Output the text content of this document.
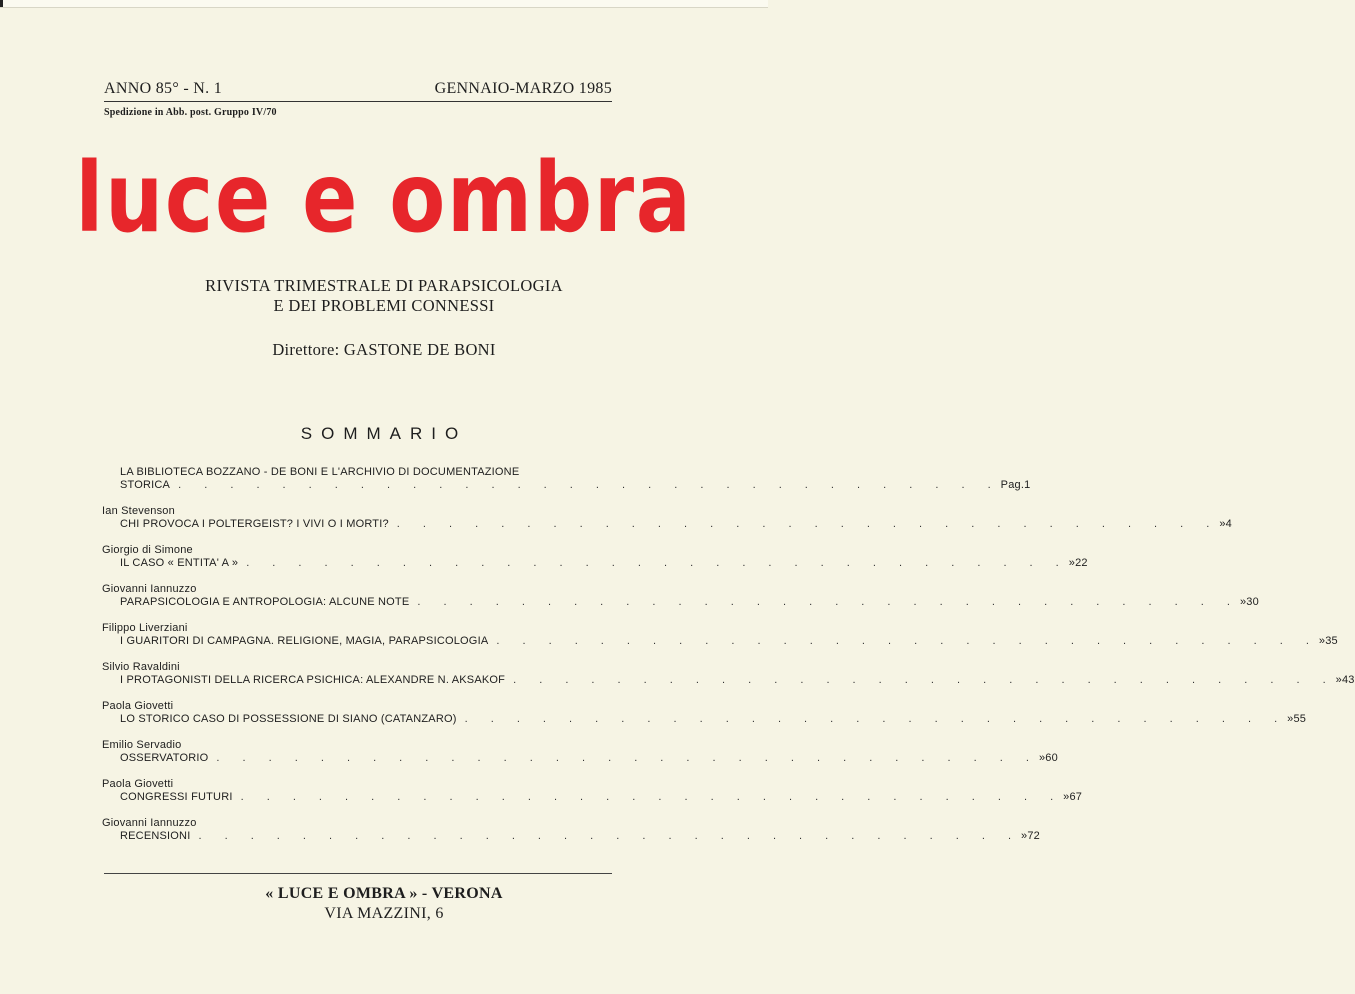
ANNO 85° - N. 1	GENNAIO-MARZO 1985
Spedizione in Abb. post. Gruppo IV/70
luce e ombra
RIVISTA TRIMESTRALE DI PARAPSICOLOGIA
E DEI PROBLEMI CONNESSI
Direttore: GASTONE DE BONI
SOMMARIO
LA BIBLIOTECA BOZZANO - DE BONI E L'ARCHIVIO DI DOCUMENTAZIONE
STORICA . . . . . . . . . . . . . . . . . . . . . . . . . . . . . . . . Pag. 1
Ian Stevenson
CHI PROVOCA I POLTERGEIST? I VIVI O I MORTI? . . . . . . . . . . . . . . . . . . . . . . . . . . . . . . . . » 4
Giorgio di Simone
IL CASO « ENTITA' A » . . . . . . . . . . . . . . . . . . . . . . . . . . . . . . . . » 22
Giovanni Iannuzzo
PARAPSICOLOGIA E ANTROPOLOGIA: ALCUNE NOTE . . . . . . . . . . . . . . . . . . . . . . . . . . . . . . . . » 30
Filippo Liverziani
I GUARITORI DI CAMPAGNA. RELIGIONE, MAGIA, PARAPSICOLOGIA . . . . . . . . . . . . . . . . . . . . . . . . . . . . . . . . » 35
Silvio Ravaldini
I PROTAGONISTI DELLA RICERCA PSICHICA: ALEXANDRE N. AKSAKOF . . . . . . . . . . . . . . . . . . . . . . . . . . . . . . . . » 43
Paola Giovetti
LO STORICO CASO DI POSSESSIONE DI SIANO (CATANZARO) . . . . . . . . . . . . . . . . . . . . . . . . . . . . . . . . » 55
Emilio Servadio
OSSERVATORIO . . . . . . . . . . . . . . . . . . . . . . . . . . . . . . . . » 60
Paola Giovetti
CONGRESSI FUTURI . . . . . . . . . . . . . . . . . . . . . . . . . . . . . . . . » 67
Giovanni Iannuzzo
RECENSIONI . . . . . . . . . . . . . . . . . . . . . . . . . . . . . . . . » 72
« LUCE E OMBRA » - VERONA
VIA MAZZINI, 6
